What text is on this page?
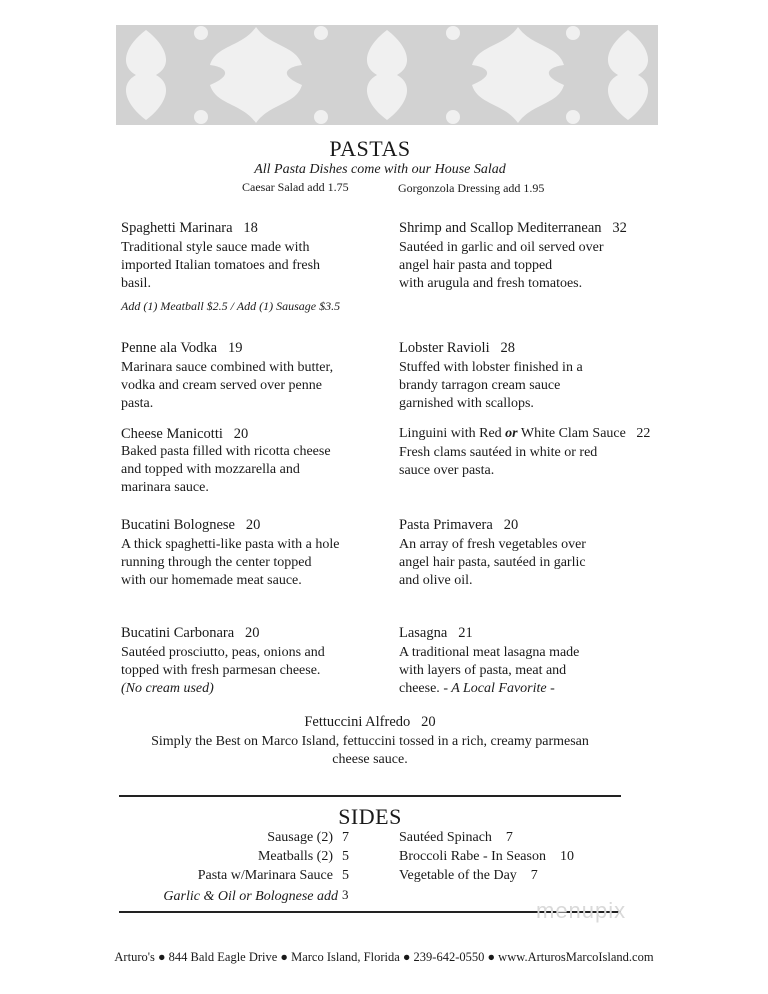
PASTAS
All Pasta Dishes come with our House Salad
Caesar Salad add 1.75	Gorgonzola Dressing add 1.95
Spaghetti Marinara 18
Traditional style sauce made with
imported Italian tomatoes and fresh
basil.
Add (1) Meatball $2.5 / Add (1) Sausage $3.5
Shrimp and Scallop Mediterranean 32
Sautéed in garlic and oil served over
angel hair pasta and topped
with arugula and fresh tomatoes.
Penne ala Vodka 19
Marinara sauce combined with butter,
vodka and cream served over penne
pasta.
Lobster Ravioli 28
Stuffed with lobster finished in a
brandy tarragon cream sauce
garnished with scallops.
Cheese Manicotti 20
Baked pasta filled with ricotta cheese
and topped with mozzarella and
marinara sauce.
Linguini with Red or White Clam Sauce 22
Fresh clams sautéed in white or red
sauce over pasta.
Bucatini Bolognese 20
A thick spaghetti-like pasta with a hole
running through the center topped
with our homemade meat sauce.
Pasta Primavera 20
An array of fresh vegetables over
angel hair pasta, sautéed in garlic
and olive oil.
Bucatini Carbonara 20
Sautéed prosciutto, peas, onions and
topped with fresh parmesan cheese.
(No cream used)
Lasagna 21
A traditional meat lasagna made
with layers of pasta, meat and
cheese. - A Local Favorite -
Fettuccini Alfredo 20
Simply the Best on Marco Island, fettuccini tossed in a rich, creamy parmesan
cheese sauce.
SIDES
Sausage (2) 7
Meatballs (2) 5
Pasta w/Marinara Sauce 5
Garlic & Oil or Bolognese add 3
Sautéed Spinach 7
Broccoli Rabe - In Season 10
Vegetable of the Day 7
menupix
Arturo's ● 844 Bald Eagle Drive ● Marco Island, Florida ● 239-642-0550 ● www.ArturosMarcoIsland.com
